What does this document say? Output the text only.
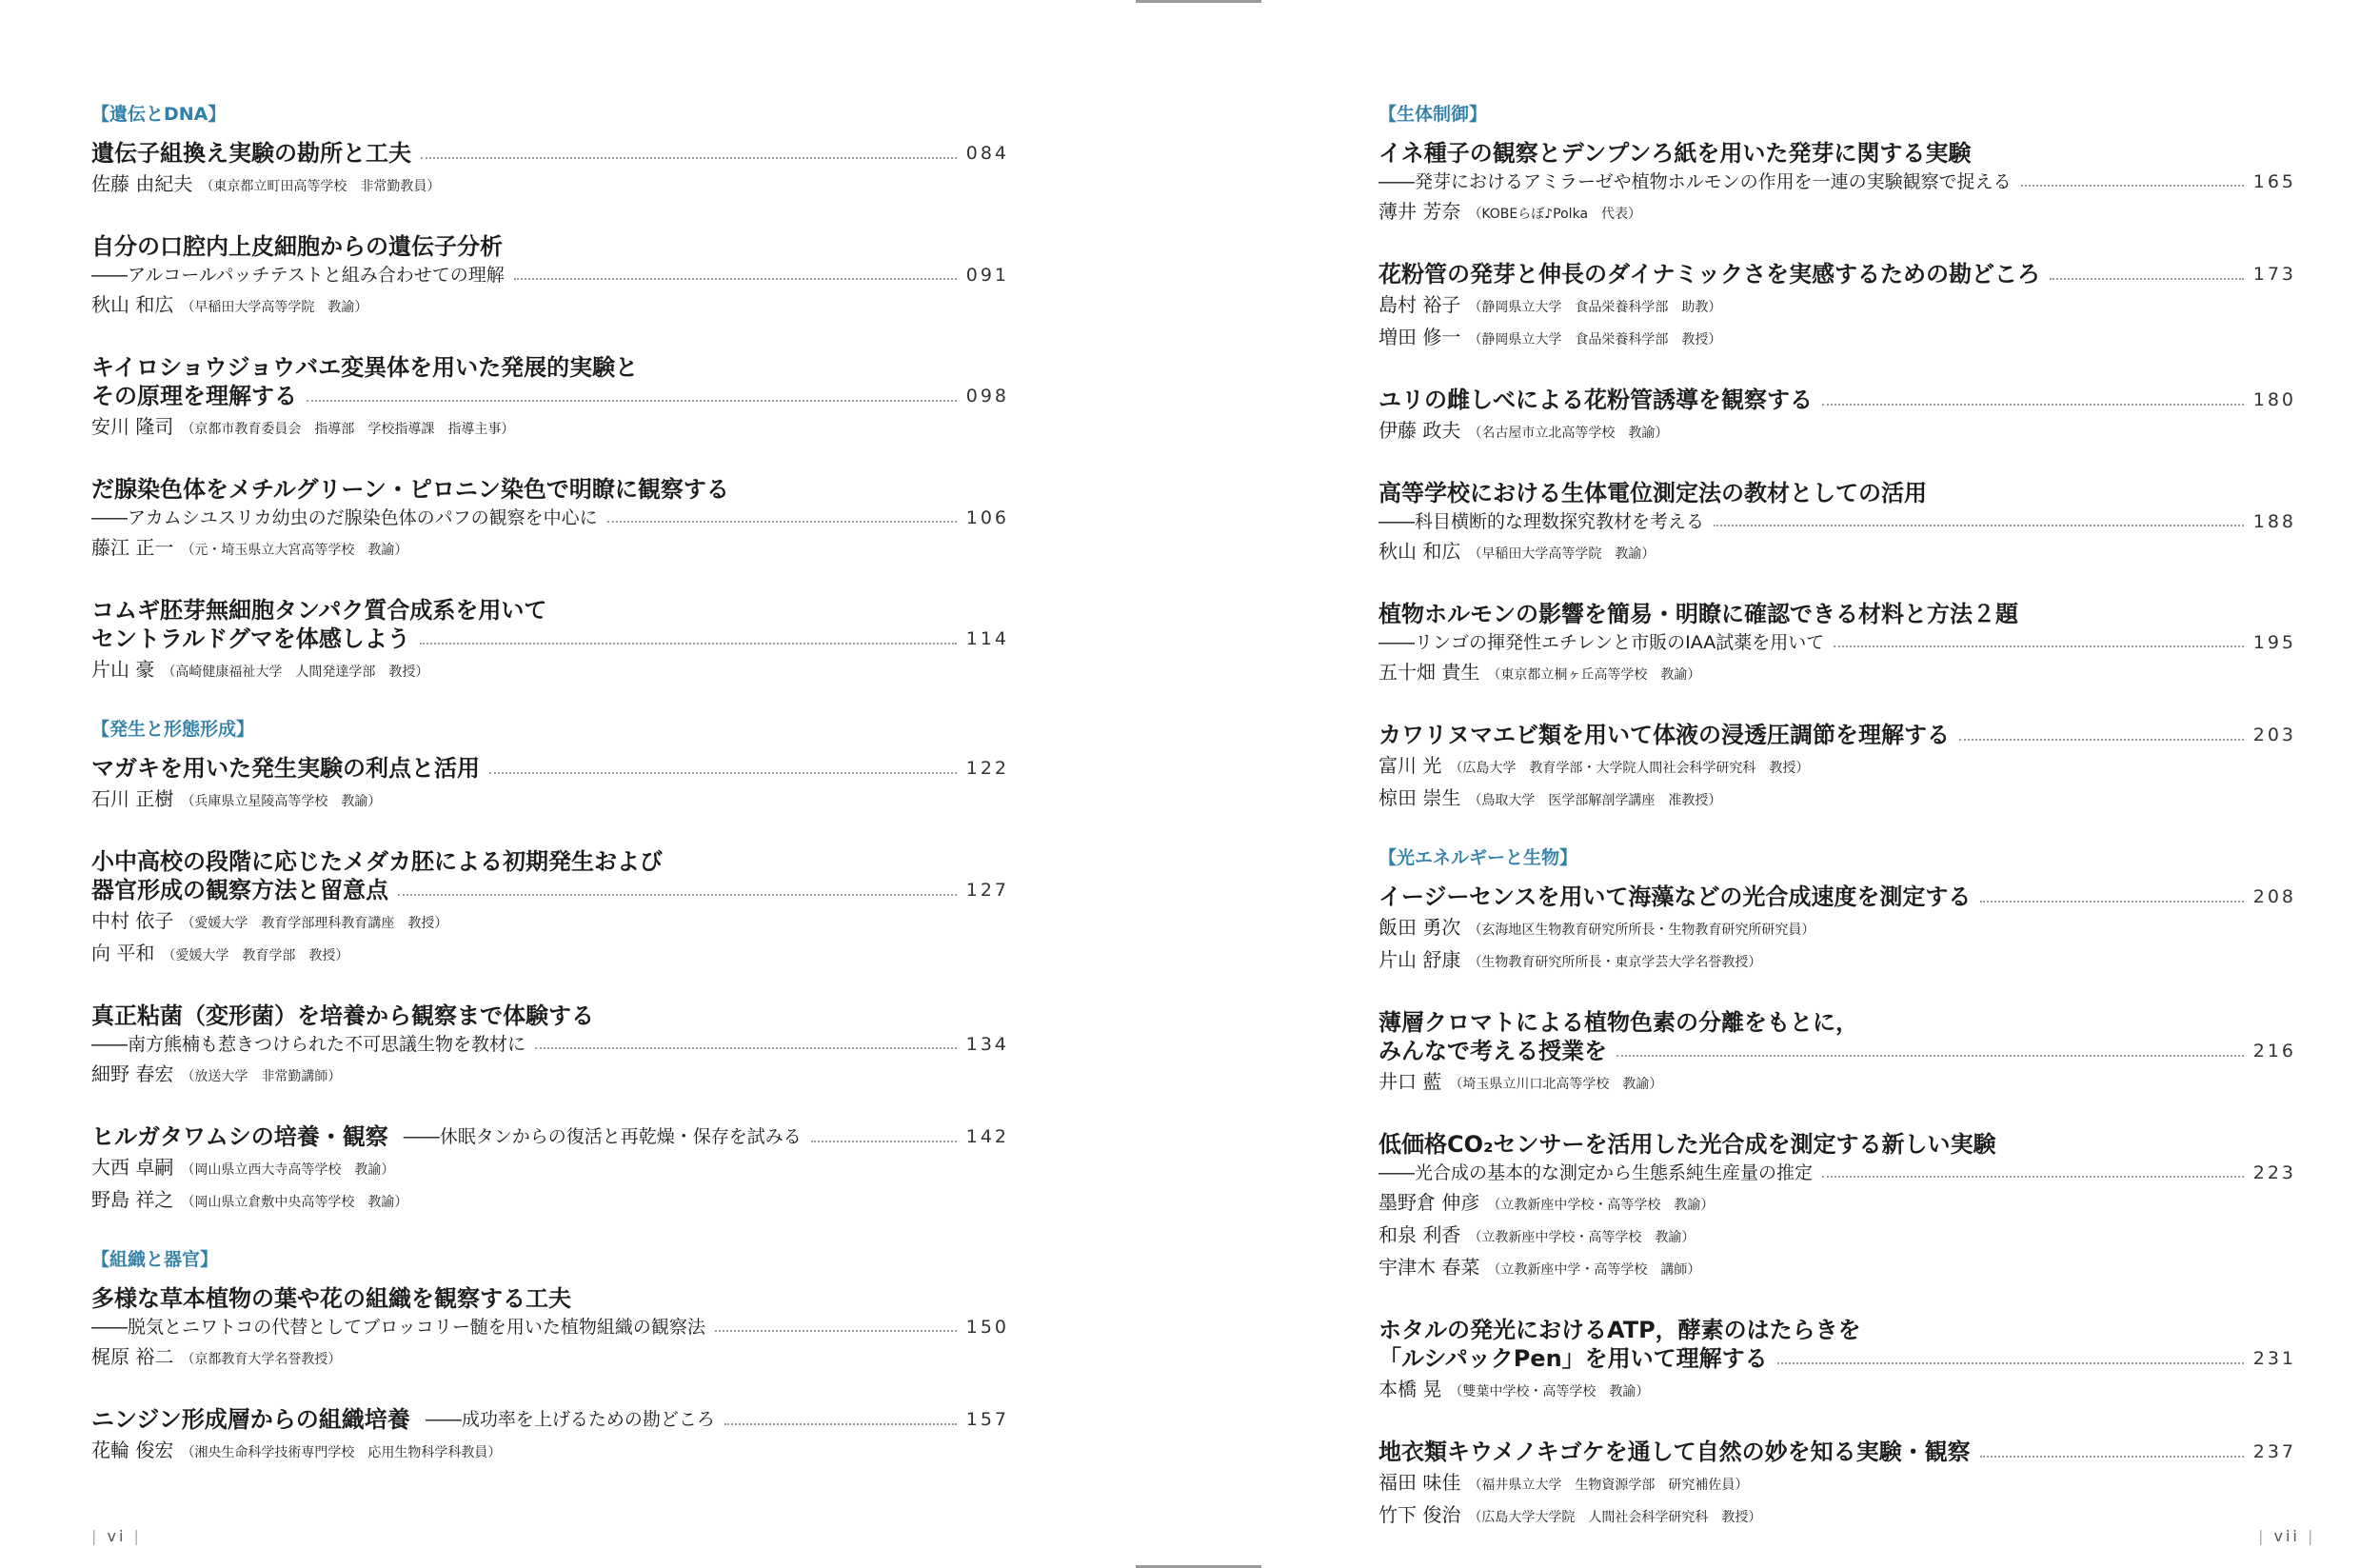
【遺伝とDNA】
遺伝子組換え実験の勘所と工夫	084
佐藤 由紀夫 （東京都立町田高等学校　非常勤教員）
自分の口腔内上皮細胞からの遺伝子分析
――アルコールパッチテストと組み合わせての理解	091
秋山 和広 （早稲田大学高等学院　教諭）
キイロショウジョウバエ変異体を用いた発展的実験と
その原理を理解する	098
安川 隆司 （京都市教育委員会　指導部　学校指導課　指導主事）
だ腺染色体をメチルグリーン・ピロニン染色で明瞭に観察する
――アカムシユスリカ幼虫のだ腺染色体のパフの観察を中心に	106
藤江 正一 （元・埼玉県立大宮高等学校　教諭）
コムギ胚芽無細胞タンパク質合成系を用いて
セントラルドグマを体感しよう	114
片山 豪 （高崎健康福祉大学　人間発達学部　教授）
【発生と形態形成】
マガキを用いた発生実験の利点と活用	122
石川 正樹 （兵庫県立星陵高等学校　教諭）
小中高校の段階に応じたメダカ胚による初期発生および
器官形成の観察方法と留意点	127
中村 依子 （愛媛大学　教育学部理科教育講座　教授）
向 平和 （愛媛大学　教育学部　教授）
真正粘菌（変形菌）を培養から観察まで体験する
――南方熊楠も惹きつけられた不可思議生物を教材に	134
細野 春宏 （放送大学　非常勤講師）
ヒルガタワムシの培養・観察 ――休眠タンからの復活と再乾燥・保存を試みる	142
大西 卓嗣 （岡山県立西大寺高等学校　教諭）
野島 祥之 （岡山県立倉敷中央高等学校　教諭）
【組織と器官】
多様な草本植物の葉や花の組織を観察する工夫
――脱気とニワトコの代替としてブロッコリー髄を用いた植物組織の観察法	150
梶原 裕二 （京都教育大学名誉教授）
ニンジン形成層からの組織培養 ――成功率を上げるための勘どころ	157
花輪 俊宏 （湘央生命科学技術専門学校　応用生物科学科教員）
【生体制御】
イネ種子の観察とデンプンろ紙を用いた発芽に関する実験
――発芽におけるアミラーゼや植物ホルモンの作用を一連の実験観察で捉える	165
薄井 芳奈 （KOBEらぼ♪Polka　代表）
花粉管の発芽と伸長のダイナミックさを実感するための勘どころ	173
島村 裕子 （静岡県立大学　食品栄養科学部　助教）
増田 修一 （静岡県立大学　食品栄養科学部　教授）
ユリの雌しべによる花粉管誘導を観察する	180
伊藤 政夫 （名古屋市立北高等学校　教諭）
高等学校における生体電位測定法の教材としての活用
――科目横断的な理数探究教材を考える	188
秋山 和広 （早稲田大学高等学院　教諭）
植物ホルモンの影響を簡易・明瞭に確認できる材料と方法２題
――リンゴの揮発性エチレンと市販のIAA試薬を用いて	195
五十畑 貴生 （東京都立桐ヶ丘高等学校　教諭）
カワリヌマエビ類を用いて体液の浸透圧調節を理解する	203
富川 光 （広島大学　教育学部・大学院人間社会科学研究科　教授）
椋田 崇生 （鳥取大学　医学部解剖学講座　准教授）
【光エネルギーと生物】
イージーセンスを用いて海藻などの光合成速度を測定する	208
飯田 勇次 （玄海地区生物教育研究所所長・生物教育研究所研究員）
片山 舒康 （生物教育研究所所長・東京学芸大学名誉教授）
薄層クロマトによる植物色素の分離をもとに，
みんなで考える授業を	216
井口 藍 （埼玉県立川口北高等学校　教諭）
低価格CO₂センサーを活用した光合成を測定する新しい実験
――光合成の基本的な測定から生態系純生産量の推定	223
墨野倉 伸彦 （立教新座中学校・高等学校　教諭）
和泉 利香 （立教新座中学校・高等学校　教諭）
宇津木 春菜 （立教新座中学・高等学校　講師）
ホタルの発光におけるATP，酵素のはたらきを
「ルシパックPen」を用いて理解する	231
本橋 晃 （雙葉中学校・高等学校　教諭）
地衣類キウメノキゴケを通して自然の妙を知る実験・観察	237
福田 味佳 （福井県立大学　生物資源学部　研究補佐員）
竹下 俊治 （広島大学大学院　人間社会科学研究科　教授）
| vi |	| vii |
